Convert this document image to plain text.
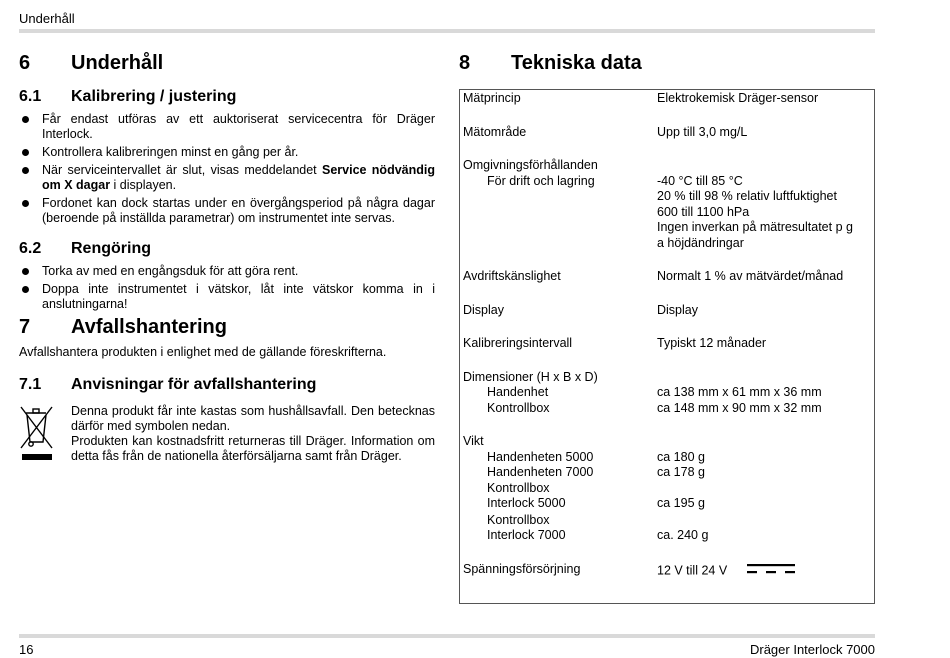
Underhåll
6	Underhåll
6.1	Kalibrering / justering
Får endast utföras av ett auktoriserat servicecentra för Dräger Interlock.
Kontrollera kalibreringen minst en gång per år.
När serviceintervallet är slut, visas meddelandet Service nödvändig om X dagar i displayen.
Fordonet kan dock startas under en övergångsperiod på några dagar (beroende på inställda parametrar) om instrumentet inte servas.
6.2	Rengöring
Torka av med en engångsduk för att göra rent.
Doppa inte instrumentet i vätskor, låt inte vätskor komma in i anslutningarna!
7	Avfallshantering
Avfallshantera produkten i enlighet med de gällande föreskrifterna.
7.1	Anvisningar för avfallshantering
Denna produkt får inte kastas som hushållsavfall. Den betecknas därför med symbolen nedan.
Produkten kan kostnadsfritt returneras till Dräger. Information om detta fås från de nationella återförsäljarna samt från Dräger.
8	Tekniska data
Mätprincip	Elektrokemisk Dräger-sensor
Mätområde	Upp till 3,0 mg/L
Omgivningsförhållanden
För drift och lagring	-40 °C till 85 °C
20 % till 98 % relativ luftfuktighet
600 till 1100 hPa
Ingen inverkan på mätresultatet p g
a höjdändringar
Avdriftskänslighet	Normalt 1 % av mätvärdet/månad
Display	Display
Kalibreringsintervall	Typiskt 12 månader
Dimensioner (H x B x D)
Handenhet	ca 138 mm x 61 mm x 36 mm
Kontrollbox	ca 148 mm x 90 mm x 32 mm
Vikt
Handenheten 5000	ca 180 g
Handenheten 7000	ca 178 g
Kontrollbox
Interlock 5000	ca 195 g
Kontrollbox
Interlock 7000	ca. 240 g
Spänningsförsörjning	12 V till 24 V
16	Dräger Interlock 7000
